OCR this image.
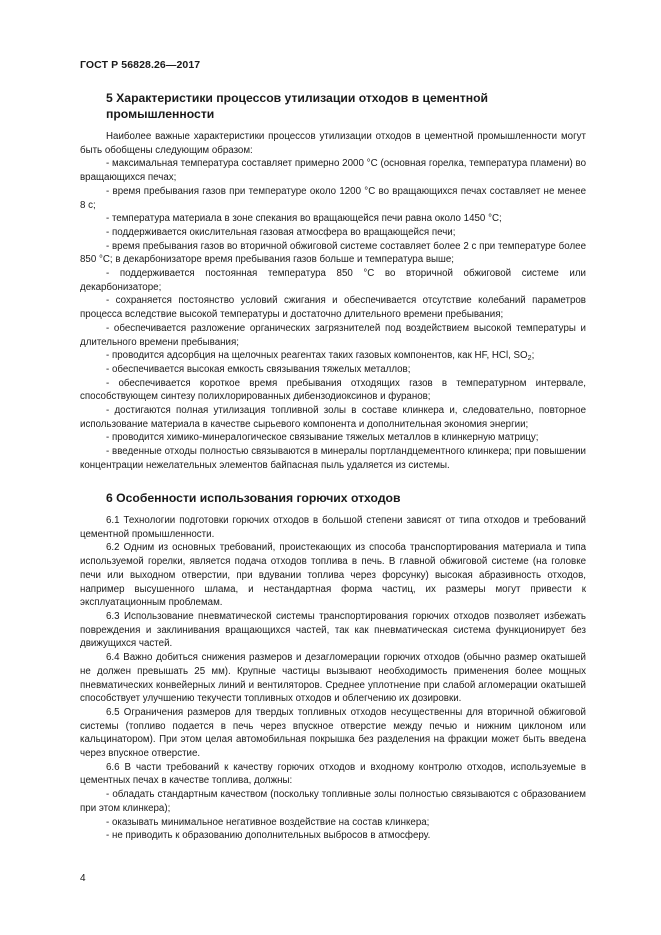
ГОСТ Р 56828.26—2017
5 Характеристики процессов утилизации отходов в цементной промышленности

Наиболее важные характеристики процессов утилизации отходов в цементной промышленности могут быть обобщены следующим образом:

- максимальная температура составляет примерно 2000 °С (основная горелка, температура пламени) во вращающихся печах;

- время пребывания газов при температуре около 1200 °С во вращающихся печах составляет не менее 8 с;

- температура материала в зоне спекания во вращающейся печи равна около 1450 °С;

- поддерживается окислительная газовая атмосфера во вращающейся печи;

- время пребывания газов во вторичной обжиговой системе составляет более 2 с при температуре более 850 °С; в декарбонизаторе время пребывания газов больше и температура выше;

- поддерживается постоянная температура 850 °С во вторичной обжиговой системе или декарбонизаторе;

- сохраняется постоянство условий сжигания и обеспечивается отсутствие колебаний параметров процесса вследствие высокой температуры и достаточно длительного времени пребывания;

- обеспечивается разложение органических загрязнителей под воздействием высокой температуры и длительного времени пребывания;

- проводится адсорбция на щелочных реагентах таких газовых компонентов, как HF, HCl, $SO_2$;

- обеспечивается высокая емкость связывания тяжелых металлов;

- обеспечивается короткое время пребывания отходящих газов в температурном интервале, способствующем синтезу полихлорированных дибензодиоксинов и фуранов;

- достигаются полная утилизация топливной золы в составе клинкера и, следовательно, повторное использование материала в качестве сырьевого компонента и дополнительная экономия энергии;

- проводится химико-минералогическое связывание тяжелых металлов в клинкерную матрицу;

- введенные отходы полностью связываются в минералы портландцементного клинкера; при повышении концентрации нежелательных элементов байпасная пыль удаляется из системы.

6 Особенности использования горючих отходов

6.1 Технологии подготовки горючих отходов в большой степени зависят от типа отходов и требований цементной промышленности.

6.2 Одним из основных требований, проистекающих из способа транспортирования материала и типа используемой горелки, является подача отходов топлива в печь. В главной обжиговой системе (на головке печи или выходном отверстии, при вдувании топлива через форсунку) высокая абразивность отходов, например высушенного шлама, и нестандартная форма частиц, их размеры могут привести к эксплуатационным проблемам.

6.3 Использование пневматической системы транспортирования горючих отходов позволяет избежать повреждения и заклинивания вращающихся частей, так как пневматическая система функционирует без движущихся частей.

6.4 Важно добиться снижения размеров и дезагломерации горючих отходов (обычно размер окатышей не должен превышать 25 мм). Крупные частицы вызывают необходимость применения более мощных пневматических конвейерных линий и вентиляторов. Среднее уплотнение при слабой агломерации окатышей способствует улучшению текучести топливных отходов и облегчению их дозировки.

6.5 Ограничения размеров для твердых топливных отходов несущественны для вторичной обжиговой системы (топливо подается в печь через впускное отверстие между печью и нижним циклоном или кальцинатором). При этом целая автомобильная покрышка без разделения на фракции может быть введена через впускное отверстие.

6.6 В части требований к качеству горючих отходов и входному контролю отходов, используемые в цементных печах в качестве топлива, должны:

- обладать стандартным качеством (поскольку топливные золы полностью связываются с образованием при этом клинкера);

- оказывать минимальное негативное воздействие на состав клинкера;

- не приводить к образованию дополнительных выбросов в атмосферу.

4
